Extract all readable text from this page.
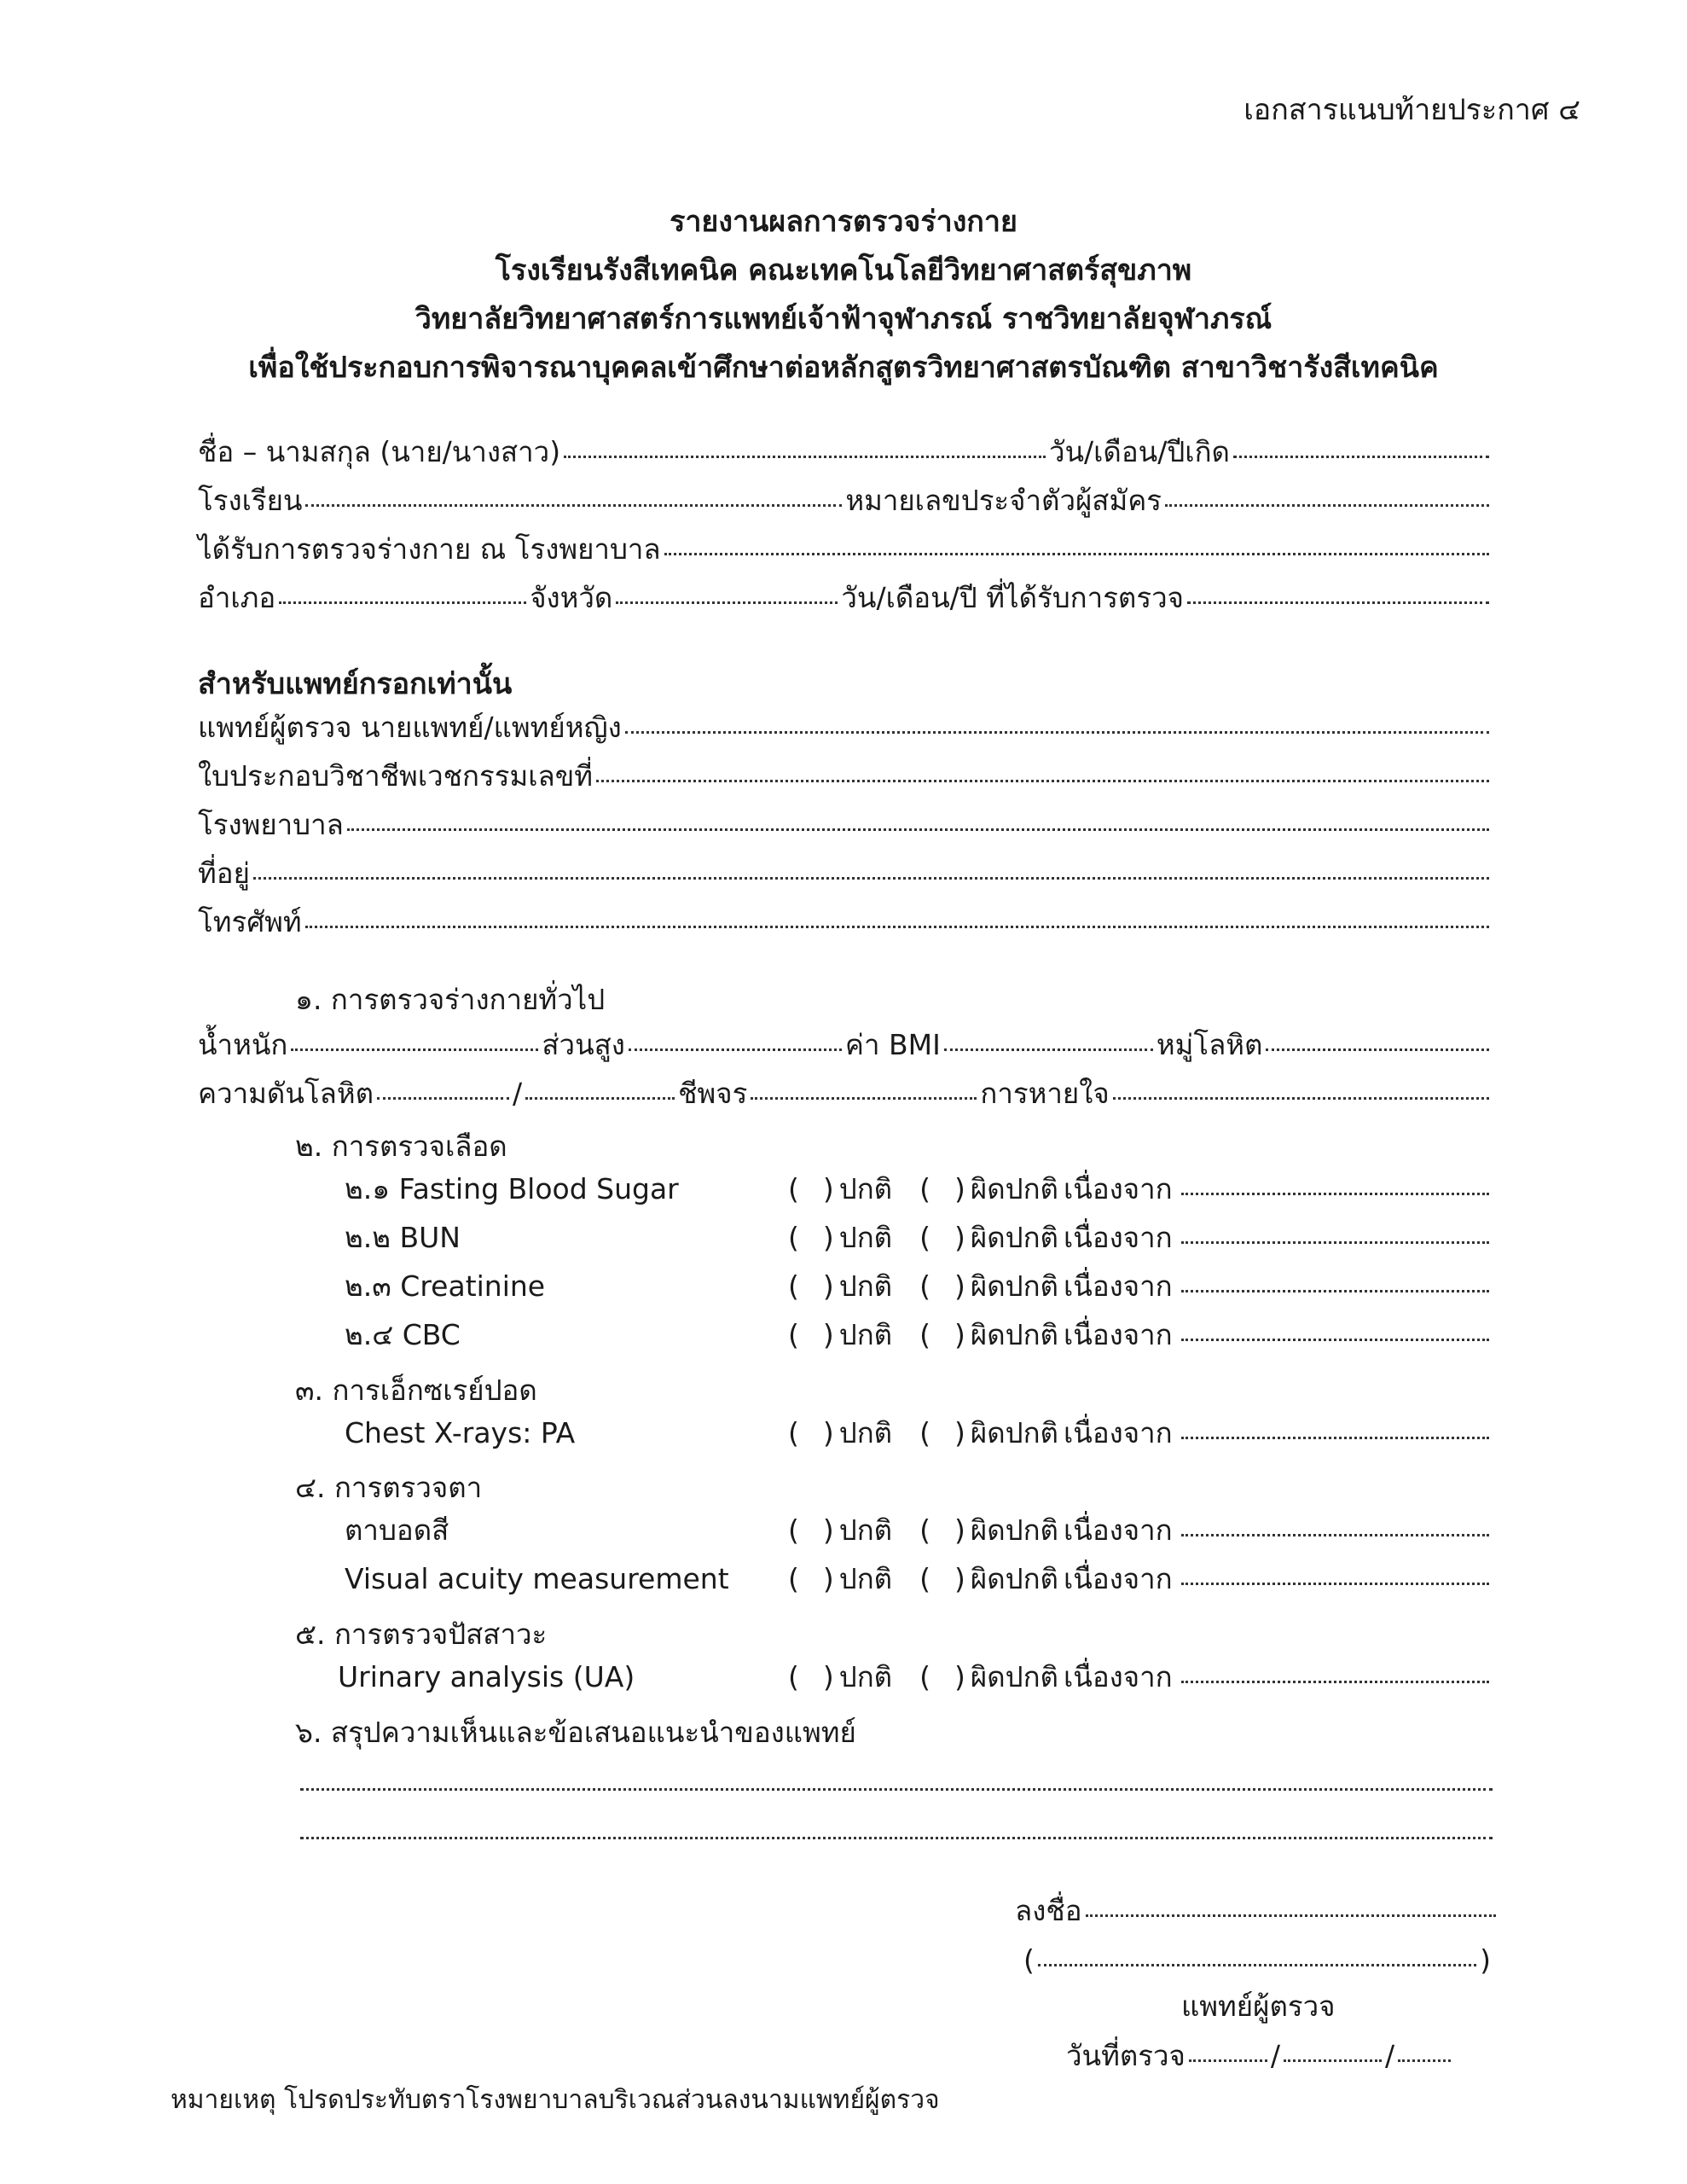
เอกสารแนบท้ายประกาศ ๔
รายงานผลการตรวจร่างกาย
โรงเรียนรังสีเทคนิค คณะเทคโนโลยีวิทยาศาสตร์สุขภาพ
วิทยาลัยวิทยาศาสตร์การแพทย์เจ้าฟ้าจุฬาภรณ์ ราชวิทยาลัยจุฬาภรณ์
เพื่อใช้ประกอบการพิจารณาบุคคลเข้าศึกษาต่อหลักสูตรวิทยาศาสตรบัณฑิต สาขาวิชารังสีเทคนิค
ชื่อ – นามสกุล (นาย/นางสาว)	วัน/เดือน/ปีเกิด
โรงเรียน	หมายเลขประจำตัวผู้สมัคร
ได้รับการตรวจร่างกาย ณ โรงพยาบาล
อำเภอ	จังหวัด	วัน/เดือน/ปี ที่ได้รับการตรวจ
สำหรับแพทย์กรอกเท่านั้น
แพทย์ผู้ตรวจ นายแพทย์/แพทย์หญิง
ใบประกอบวิชาชีพเวชกรรมเลขที่
โรงพยาบาล
ที่อยู่
โทรศัพท์
๑. การตรวจร่างกายทั่วไป
น้ำหนัก	ส่วนสูง	ค่า BMI	หมู่โลหิต
ความดันโลหิต	/	ชีพจร	การหายใจ
๒. การตรวจเลือด
๒.๑ Fasting Blood Sugar	( ) ปกติ ( ) ผิดปกติ เนื่องจาก
๒.๒ BUN	( ) ปกติ ( ) ผิดปกติ เนื่องจาก
๒.๓ Creatinine	( ) ปกติ ( ) ผิดปกติ เนื่องจาก
๒.๔ CBC	( ) ปกติ ( ) ผิดปกติ เนื่องจาก
๓. การเอ็กซเรย์ปอด
Chest X-rays: PA	( ) ปกติ ( ) ผิดปกติ เนื่องจาก
๔. การตรวจตา
ตาบอดสี	( ) ปกติ ( ) ผิดปกติ เนื่องจาก
Visual acuity measurement	( ) ปกติ ( ) ผิดปกติ เนื่องจาก
๕. การตรวจปัสสาวะ
Urinary analysis (UA)	( ) ปกติ ( ) ผิดปกติ เนื่องจาก
๖. สรุปความเห็นและข้อเสนอแนะนำของแพทย์
ลงชื่อ
(	)
แพทย์ผู้ตรวจ
วันที่ตรวจ	/	/
หมายเหตุ โปรดประทับตราโรงพยาบาลบริเวณส่วนลงนามแพทย์ผู้ตรวจ
